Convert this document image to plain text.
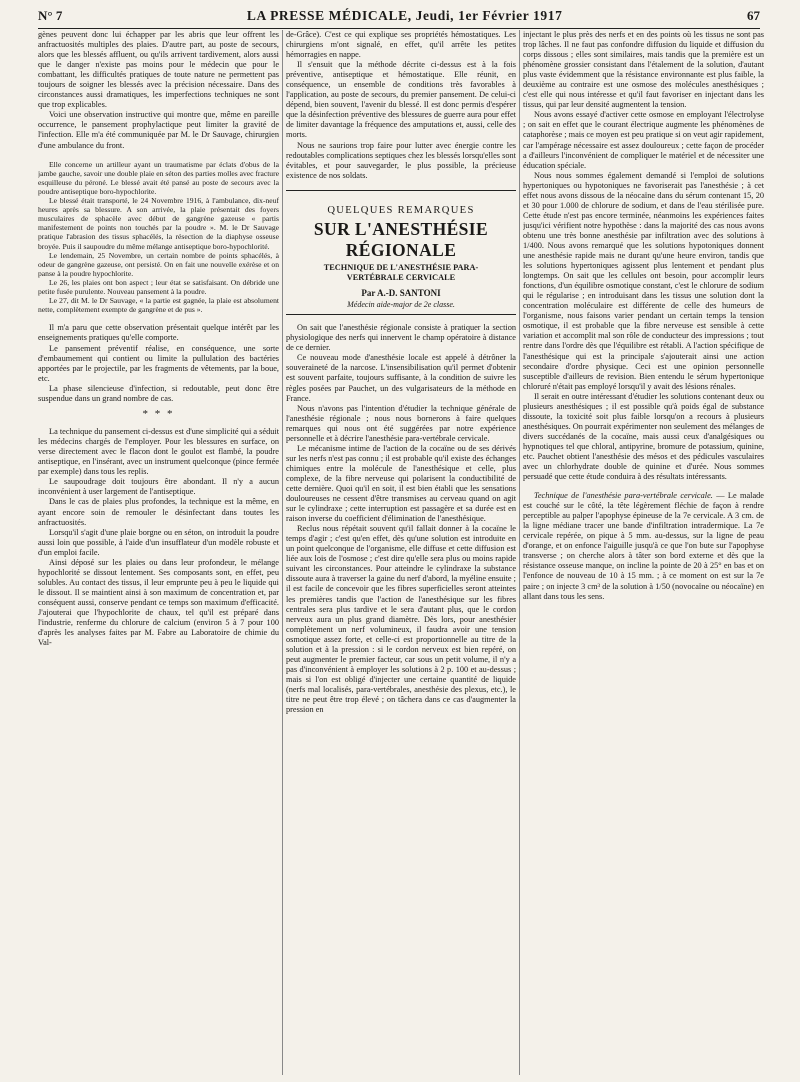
N° 7	LA PRESSE MÉDICALE, Jeudi, 1er Février 1917	67

gènes peuvent donc lui échapper par les abris que leur offrent les anfractuosités multiples des plaies. D'autre part, au poste de secours, alors que les blessés affluent, ou qu'ils arrivent tardivement, alors aussi que le danger n'existe pas moins pour le médecin que pour le combattant, les difficultés pratiques de toute nature ne permettent pas toujours de soigner les blessés avec la précision nécessaire. Dans des circonstances aussi dramatiques, les imperfections techniques ne sont que trop explicables.

Voici une observation instructive qui montre que, même en pareille occurrence, le pansement prophylactique peut limiter la gravité de l'infection. Elle m'a été communiquée par M. le Dr Sauvage, chirurgien d'une ambulance du front.

Elle concerne un artilleur ayant un traumatisme par éclats d'obus de la jambe gauche, savoir une double plaie en séton des parties molles avec fracture esquilleuse du péroné. Le blessé avait été pansé au poste de secours avec la poudre antiseptique boro-hypochlorite.

Le blessé était transporté, le 24 Novembre 1916, à l'ambulance, dix-neuf heures après sa blessure. A son arrivée, la plaie présentait des foyers musculaires de sphacèle avec début de gangrène gazeuse « partis manifestement de points non touchés par la poudre ». M. le Dr Sauvage pratique l'abrasion des tissus sphacélés, la résection de la diaphyse osseuse broyée. Puis il saupoudre du même mélange antiseptique boro-hypochlorité.

Le lendemain, 25 Novembre, un certain nombre de points sphacélés, à odeur de gangrène gazeuse, ont persisté. On en fait une nouvelle exérèse et on panse à la poudre hypochlorite.

Le 26, les plaies ont bon aspect ; leur état se satisfaisant. On débride une petite fusée purulente. Nouveau pansement à la poudre.

Le 27, dit M. le Dr Sauvage, « la partie est gagnée, la plaie est absolument nette, complètement exempte de gangrène et de pus ».

Il m'a paru que cette observation présentait quelque intérêt par les enseignements pratiques qu'elle comporte.

Le pansement préventif réalise, en conséquence, une sorte d'embaumement qui contient ou limite la pullulation des bactéries apportées par le projectile, par les fragments de vêtements, par la boue, etc.

La phase silencieuse d'infection, si redoutable, peut donc être suspendue dans un grand nombre de cas.

* * *

La technique du pansement ci-dessus est d'une simplicité qui a séduit les médecins chargés de l'employer. Pour les blessures en surface, on verse directement avec le flacon dont le goulot est flambé, la poudre antiseptique, en l'insérant, avec un instrument quelconque (pince fermée par exemple) dans tous les replis.

Le saupoudrage doit toujours être abondant. Il n'y a aucun inconvénient à user largement de l'antiseptique.

Dans le cas de plaies plus profondes, la technique est la même, en ayant encore soin de remouler le désinfectant dans toutes les anfractuosités.

Lorsqu'il s'agit d'une plaie borgne ou en séton, on introduit la poudre aussi loin que possible, à l'aide d'un insufflateur d'un modèle robuste et d'un emploi facile.

Ainsi déposé sur les plaies ou dans leur profondeur, le mélange hypochlorité se dissout lentement. Ses composants sont, en effet, peu solubles. Au contact des tissus, il leur emprunte peu à peu le liquide qui le dissout. Il se maintient ainsi à son maximum de concentration et, par conséquent aussi, conserve pendant ce temps son maximum d'efficacité. J'ajouterai que l'hypochlorite de chaux, tel qu'il est préparé dans l'industrie, renferme du chlorure de calcium (environ 5 à 7 pour 100 d'après les analyses faites par M. Fabre au Laboratoire de chimie du Val-

de-Grâce). C'est ce qui explique ses propriétés hémostatiques. Les chirurgiens m'ont signalé, en effet, qu'il arrête les petites hémorragies en nappe.

Il s'ensuit que la méthode décrite ci-dessus est à la fois préventive, antiseptique et hémostatique. Elle réunit, en conséquence, un ensemble de conditions très favorables à l'application, au poste de secours, du premier pansement. De celui-ci dépend, bien souvent, l'avenir du blessé. Il est donc permis d'espérer que la désinfection préventive des blessures de guerre aura pour effet de limiter davantage la fréquence des amputations et, aussi, celle des morts.

Nous ne saurions trop faire pour lutter avec énergie contre les redoutables complications septiques chez les blessés lorsqu'elles sont évitables, et pour sauvegarder, le plus possible, la précieuse existence de nos soldats.

QUELQUES REMARQUES
SUR L'ANESTHÉSIE RÉGIONALE
TECHNIQUE DE L'ANESTHÉSIE PARA-VERTÉBRALE CERVICALE
Par A.-D. SANTONI
Médecin aide-major de 2e classe.

On sait que l'anesthésie régionale consiste à pratiquer la section physiologique des nerfs qui innervent le champ opératoire à distance de ce dernier.

Ce nouveau mode d'anesthésie locale est appelé à détrôner la souveraineté de la narcose. L'insensibilisation qu'il permet d'obtenir est souvent parfaite, toujours suffisante, à la condition de suivre les règles posées par Pauchet, un des vulgarisateurs de la méthode en France.

Nous n'avons pas l'intention d'étudier la technique générale de l'anesthésie régionale ; nous nous bornerons à faire quelques remarques qui nous ont été suggérées par notre expérience personnelle et à décrire l'anesthésie para-vertébrale cervicale.

Le mécanisme intime de l'action de la cocaïne ou de ses dérivés sur les nerfs n'est pas connu ; il est probable qu'il existe des échanges chimiques entre la molécule de l'anesthésique et celle, plus complexe, de la fibre nerveuse qui polarisent la conductibilité de cette dernière. Quoi qu'il en soit, il est bien établi que les sensations douloureuses ne cessent d'être transmises au cerveau quand on agit sur le cylindraxe ; cette interruption est passagère et sa durée est en raison inverse du coefficient d'élimination de l'anesthésique.

Reclus nous répétait souvent qu'il fallait donner à la cocaïne le temps d'agir ; c'est qu'en effet, dès qu'une solution est introduite en un point quelconque de l'organisme, elle diffuse et cette diffusion est liée aux lois de l'osmose ; c'est dire qu'elle sera plus ou moins rapide suivant les circonstances. Pour atteindre le cylindraxe la substance dissoute aura à traverser la gaine du nerf d'abord, la myéline ensuite ; il est facile de concevoir que les fibres superficielles seront atteintes les premières tandis que l'action de l'anesthésique sur les fibres centrales sera plus tardive et le sera d'autant plus, que le cordon nerveux aura un plus grand diamètre. Dès lors, pour anesthésier complètement un nerf volumineux, il faudra avoir une tension osmotique assez forte, et celle-ci est proportionnelle au titre de la solution et à la pression : si le cordon nerveux est bien repéré, on peut augmenter le premier facteur, car sous un petit volume, il n'y a pas d'inconvénient à employer les solutions à 2 p. 100 et au-dessus ; mais si l'on est obligé d'injecter une certaine quantité de liquide (nerfs mal localisés, para-vertébrales, anesthésie des plexus, etc.), le titre ne peut être trop élevé ; on tâchera dans ce cas d'augmenter la pression en

injectant le plus près des nerfs et en des points où les tissus ne sont pas trop lâches. Il ne faut pas confondre diffusion du liquide et diffusion du corps dissous ; elles sont similaires, mais tandis que la première est un phénomène grossier consistant dans l'étalement de la solution, d'autant plus vaste évidemment que la résistance environnante est plus faible, la deuxième au contraire est une osmose des molécules anesthésiques ; c'est elle qui nous intéresse et qu'il faut favoriser en injectant dans les tissus, qui par leur densité augmentent la tension.

Nous avons essayé d'activer cette osmose en employant l'électrolyse ; on sait en effet que le courant électrique augmente les phénomènes de cataphorèse ; mais ce moyen est peu pratique si on veut agir rapidement, car l'ampérage nécessaire est assez douloureux ; cette façon de procéder a d'ailleurs l'inconvénient de compliquer le matériel et de nécessiter une éducation spéciale.

Nous nous sommes également demandé si l'emploi de solutions hypertoniques ou hypotoniques ne favoriserait pas l'anesthésie ; à cet effet nous avons dissous de la néocaïne dans du sérum contenant 15, 20 et 30 pour 1.000 de chlorure de sodium, et dans de l'eau stérilisée pure. Cette étude n'est pas encore terminée, néanmoins les expériences faites jusqu'ici vérifient notre hypothèse : dans la majorité des cas nous avons obtenu une très bonne anesthésie par infiltration avec des solutions à 1/400. Nous avons remarqué que les solutions hypotoniques donnent une anesthésie rapide mais ne durant qu'une heure environ, tandis que les solutions hypertoniques agissent plus lentement et pendant plus longtemps. On sait que les cellules ont besoin, pour accomplir leurs fonctions, d'un équilibre osmotique constant, c'est le chlorure de sodium qui le régularise ; en introduisant dans les tissus une solution dont la concentration moléculaire est différente de celle des humeurs de l'organisme, nous faisons varier pendant un certain temps la tension osmotique, il est probable que la fibre nerveuse est sensible à cette variation et accomplit mal son rôle de conducteur des impressions ; tout rentre dans l'ordre dès que l'équilibre est rétabli. A l'action spécifique de l'anesthésique qui est la principale s'ajouterait ainsi une action secondaire d'ordre physique. Ceci est une opinion personnelle susceptible d'ailleurs de revision. Bien entendu le sérum hypertonique chloruré n'était pas employé lorsqu'il y avait des lésions rénales.

Il serait en outre intéressant d'étudier les solutions contenant deux ou plusieurs anesthésiques ; il est possible qu'à poids égal de substance dissoute, la toxicité soit plus faible lorsqu'on a recours à plusieurs anesthésiques. On pourrait expérimenter non seulement des mélanges de divers succédanés de la cocaïne, mais aussi ceux d'analgésiques ou hypnotiques tel que chloral, antipyrine, bromure de potassium, quinine, etc. Pauchet obtient l'anesthésie des mésos et des pédicules vasculaires avec un chlorhydrate double de quinine et d'urée. Nous sommes persuadé que cette étude conduira à des résultats intéressants.

Technique de l'anesthésie para-vertébrale cervicale. — Le malade est couché sur le côté, la tête légèrement fléchie de façon à rendre perceptible au palper l'apophyse épineuse de la 7e cervicale. A 3 cm. de la ligne médiane tracer une bande d'infiltration intradermique. La 7e cervicale repérée, on pique à 5 mm. au-dessus, sur la ligne de peau d'orange, et on enfonce l'aiguille jusqu'à ce que l'on bute sur l'apophyse transverse ; on cherche alors à tâter son bord externe et dès que la résistance osseuse manque, on incline la pointe de 20 à 25° en bas et on l'enfonce de nouveau de 10 à 15 mm. ; à ce moment on est sur la 7e paire ; on injecte 3 cm³ de la solution à 1/50 (novocaïne ou néocaïne) en allant dans tous les sens.
